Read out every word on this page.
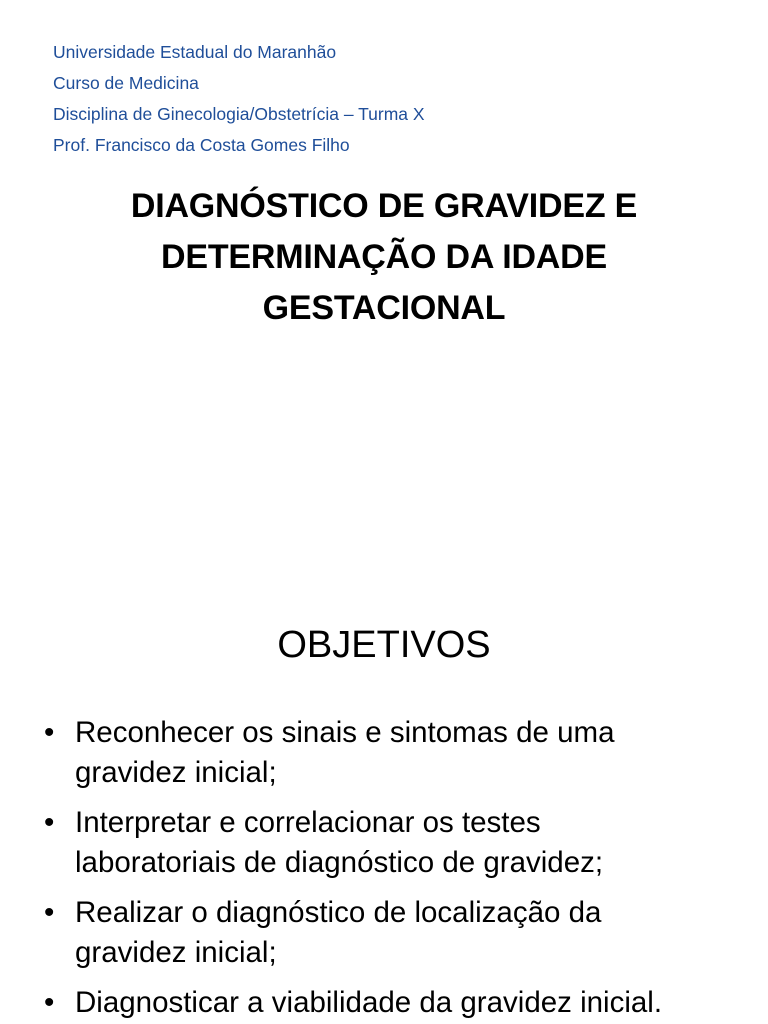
Universidade Estadual do Maranhão
Curso de Medicina
Disciplina de Ginecologia/Obstetrícia – Turma X
Prof. Francisco da Costa Gomes Filho
DIAGNÓSTICO DE GRAVIDEZ E
DETERMINAÇÃO DA IDADE
GESTACIONAL
OBJETIVOS
• Reconhecer os sinais e sintomas de uma
gravidez inicial;
• Interpretar e correlacionar os testes
laboratoriais de diagnóstico de gravidez;
• Realizar o diagnóstico de localização da
gravidez inicial;
• Diagnosticar a viabilidade da gravidez inicial.
